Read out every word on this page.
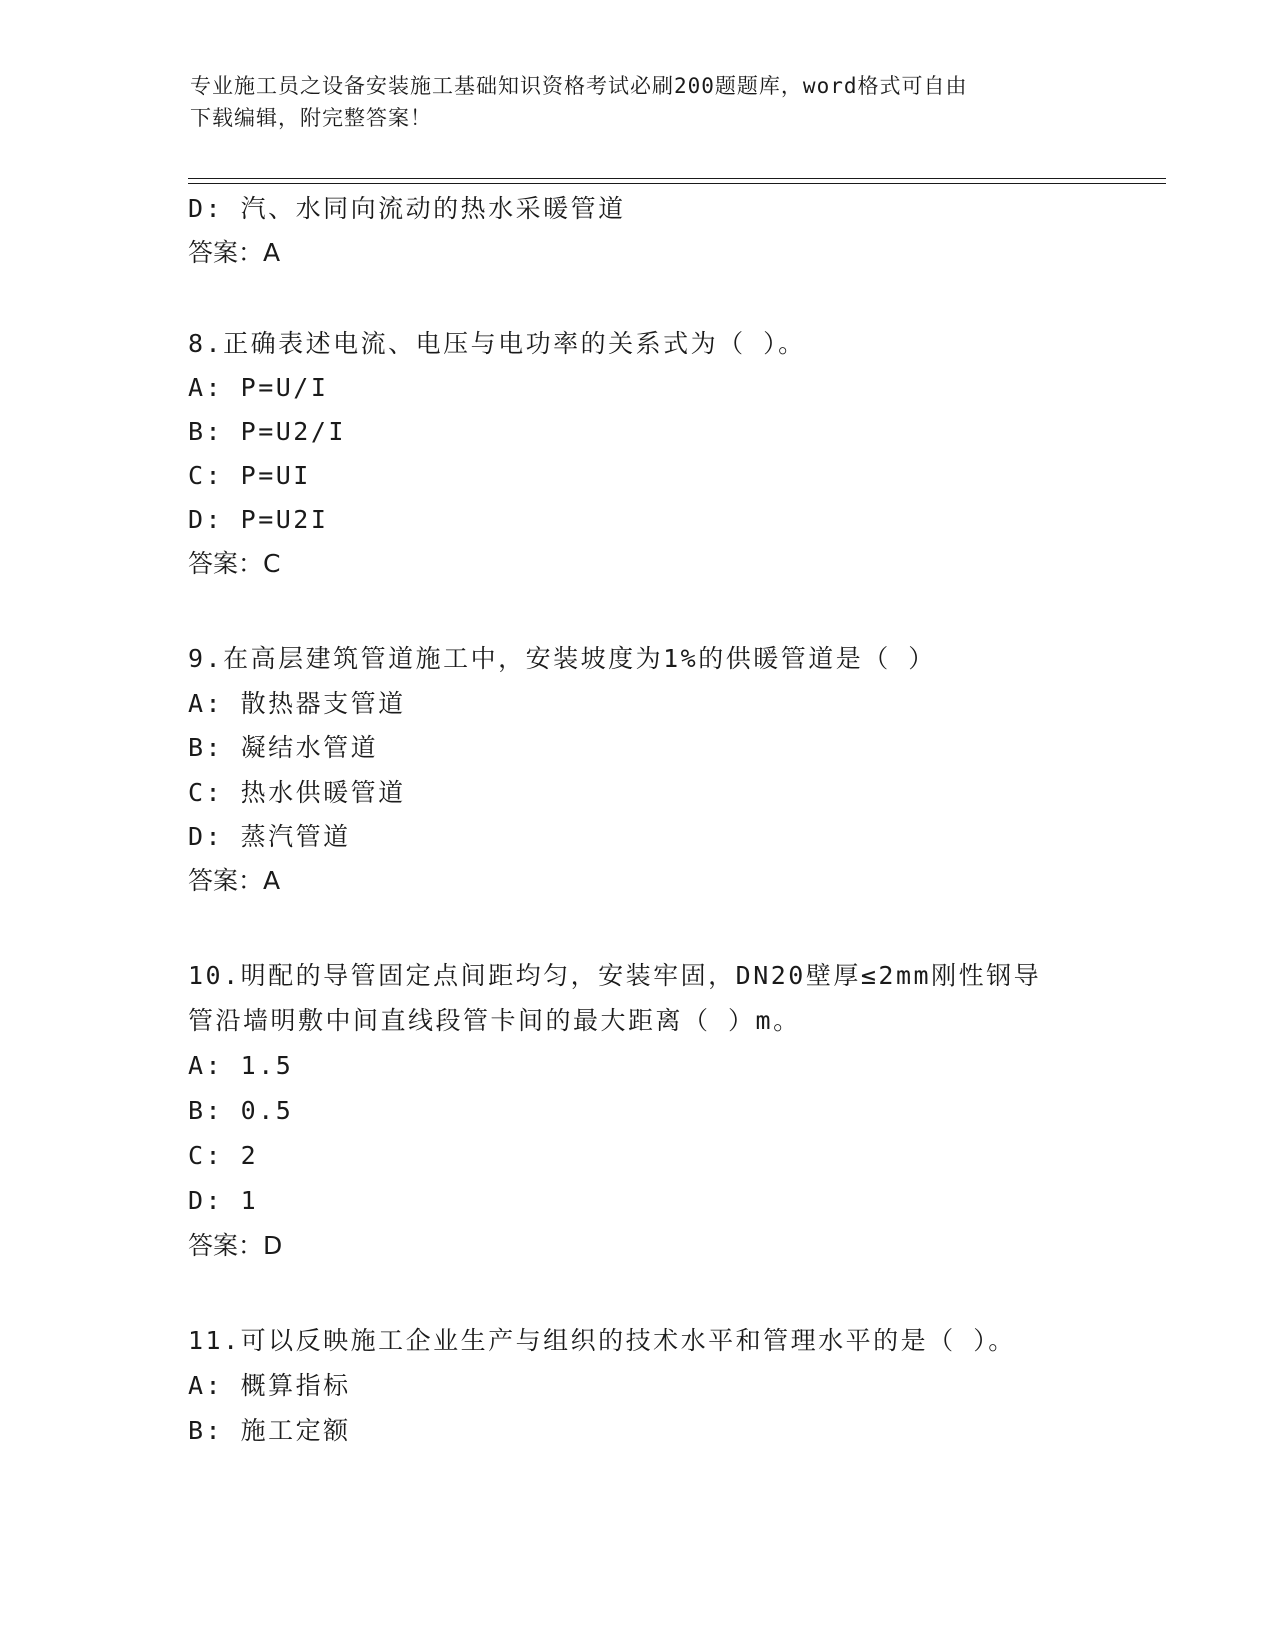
专业施工员之设备安装施工基础知识资格考试必刷200题题库，word格式可自由
下载编辑，附完整答案！
D: 汽、水同向流动的热水采暖管道
答案：A
8.正确表述电流、电压与电功率的关系式为（ ）。
A: P=U/I
B: P=U2/I
C: P=UI
D: P=U2I
答案：C
9.在高层建筑管道施工中，安装坡度为1%的供暖管道是（ ）
A: 散热器支管道
B: 凝结水管道
C: 热水供暖管道
D: 蒸汽管道
答案：A
10.明配的导管固定点间距均匀，安装牢固，DN20壁厚≤2mm刚性钢导
管沿墙明敷中间直线段管卡间的最大距离（ ）m。
A: 1.5
B: 0.5
C: 2
D: 1
答案：D
11.可以反映施工企业生产与组织的技术水平和管理水平的是（ ）。
A: 概算指标
B: 施工定额
